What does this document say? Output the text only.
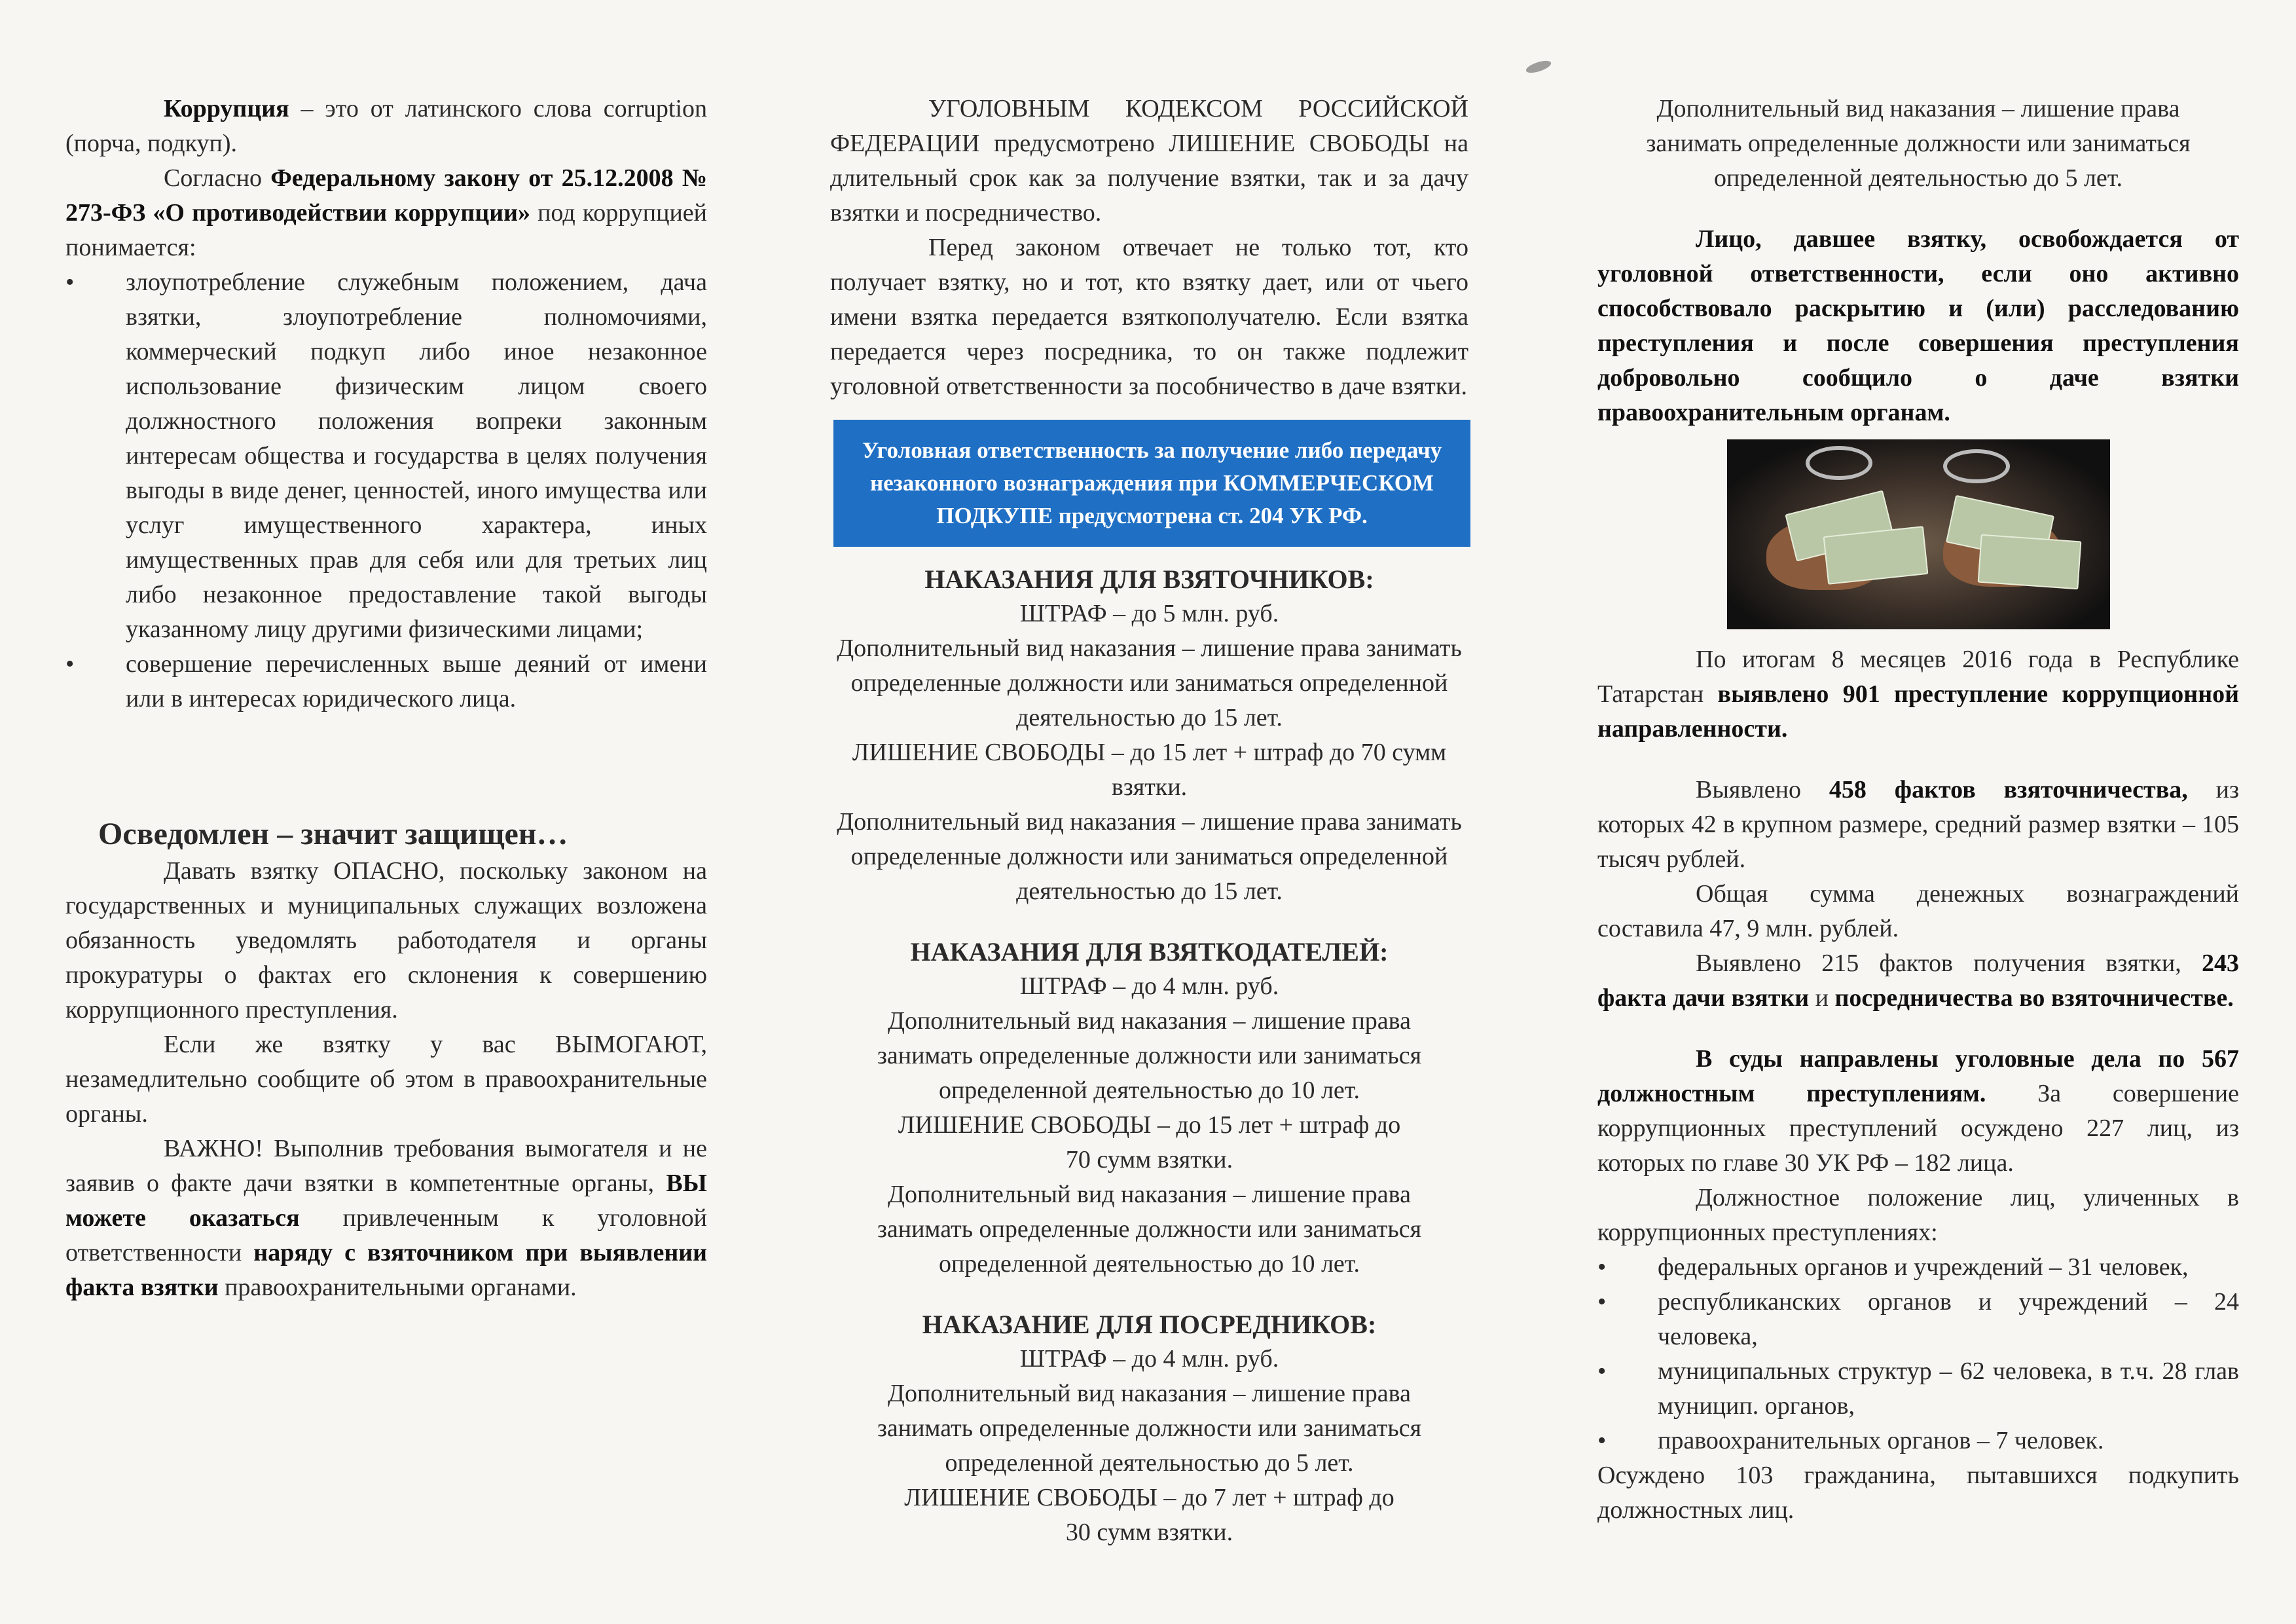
Коррупция – это от латинского слова corruption (порча, подкуп).

Согласно Федеральному закону от 25.12.2008 № 273-ФЗ «О противодействии коррупции» под коррупцией понимается:

• злоупотребление служебным положением, дача взятки, злоупотребление полномочиями, коммерческий подкуп либо иное незаконное использование физическим лицом своего должностного положения вопреки законным интересам общества и государства в целях получения выгоды в виде денег, ценностей, иного имущества или услуг имущественного характера, иных имущественных прав для себя или для третьих лиц либо незаконное предоставление такой выгоды указанному лицу другими физическими лицами;
• совершение перечисленных выше деяний от имени или в интересах юридического лица.
Осведомлен – значит защищен…

Давать взятку ОПАСНО, поскольку законом на государственных и муниципальных служащих возложена обязанность уведомлять работодателя и органы прокуратуры о фактах его склонения к совершению коррупционного преступления.

Если же взятку у вас ВЫМОГАЮТ, незамедлительно сообщите об этом в правоохранительные органы.

ВАЖНО! Выполнив требования вымогателя и не заявив о факте дачи взятки в компетентные органы, ВЫ можете оказаться привлеченным к уголовной ответственности наряду с взяточником при выявлении факта взятки правоохранительными органами.

УГОЛОВНЫМ КОДЕКСОМ РОССИЙСКОЙ ФЕДЕРАЦИИ предусмотрено ЛИШЕНИЕ СВОБОДЫ на длительный срок как за получение взятки, так и за дачу взятки и посредничество.

Перед законом отвечает не только тот, кто получает взятку, но и тот, кто взятку дает, или от чьего имени взятка передается взяткополучателю. Если взятка передается через посредника, то он также подлежит уголовной ответственности за пособничество в даче взятки.

Уголовная ответственность за получение либо передачу незаконного вознаграждения при КОММЕРЧЕСКОМ ПОДКУПЕ предусмотрена ст. 204 УК РФ.
НАКАЗАНИЯ ДЛЯ ВЗЯТОЧНИКОВ:

ШТРАФ – до 5 млн. руб.

Дополнительный вид наказания – лишение права занимать определенные должности или заниматься определенной деятельностью до 15 лет.

ЛИШЕНИЕ СВОБОДЫ – до 15 лет + штраф до 70 сумм взятки.

Дополнительный вид наказания – лишение права занимать определенные должности или заниматься определенной деятельностью до 15 лет.

НАКАЗАНИЯ ДЛЯ ВЗЯТКОДАТЕЛЕЙ:

ШТРАФ – до 4 млн. руб.

Дополнительный вид наказания – лишение права занимать определенные должности или заниматься определенной деятельностью до 10 лет.

ЛИШЕНИЕ СВОБОДЫ – до 15 лет + штраф до 70 сумм взятки.

Дополнительный вид наказания – лишение права занимать определенные должности или заниматься определенной деятельностью до 10 лет.

НАКАЗАНИЕ ДЛЯ ПОСРЕДНИКОВ:

ШТРАФ – до 4 млн. руб.

Дополнительный вид наказания – лишение права занимать определенные должности или заниматься определенной деятельностью до 5 лет.

ЛИШЕНИЕ СВОБОДЫ – до 7 лет + штраф до 30 сумм взятки.

Дополнительный вид наказания – лишение права занимать определенные должности или заниматься определенной деятельностью до 5 лет.

Лицо, давшее взятку, освобождается от уголовной ответственности, если оно активно способствовало раскрытию и (или) расследованию преступления и после совершения преступления добровольно сообщило о даче взятки правоохранительным органам.

По итогам 8 месяцев 2016 года в Республике Татарстан выявлено 901 преступление коррупционной направленности.

Выявлено 458 фактов взяточничества, из которых 42 в крупном размере, средний размер взятки – 105 тысяч рублей.

Общая сумма денежных вознаграждений составила 47, 9 млн. рублей.

Выявлено 215 фактов получения взятки, 243 факта дачи взятки и посредничества во взяточничестве.

В суды направлены уголовные дела по 567 должностным преступлениям. За совершение коррупционных преступлений осуждено 227 лиц, из которых по главе 30 УК РФ – 182 лица.

Должностное положение лиц, уличенных в коррупционных преступлениях:

• федеральных органов и учреждений – 31 человек,
• республиканских органов и учреждений – 24 человека,
• муниципальных структур – 62 человека, в т.ч. 28 глав муницип. органов,
• правоохранительных органов – 7 человек.

Осуждено 103 гражданина, пытавшихся подкупить должностных лиц.
